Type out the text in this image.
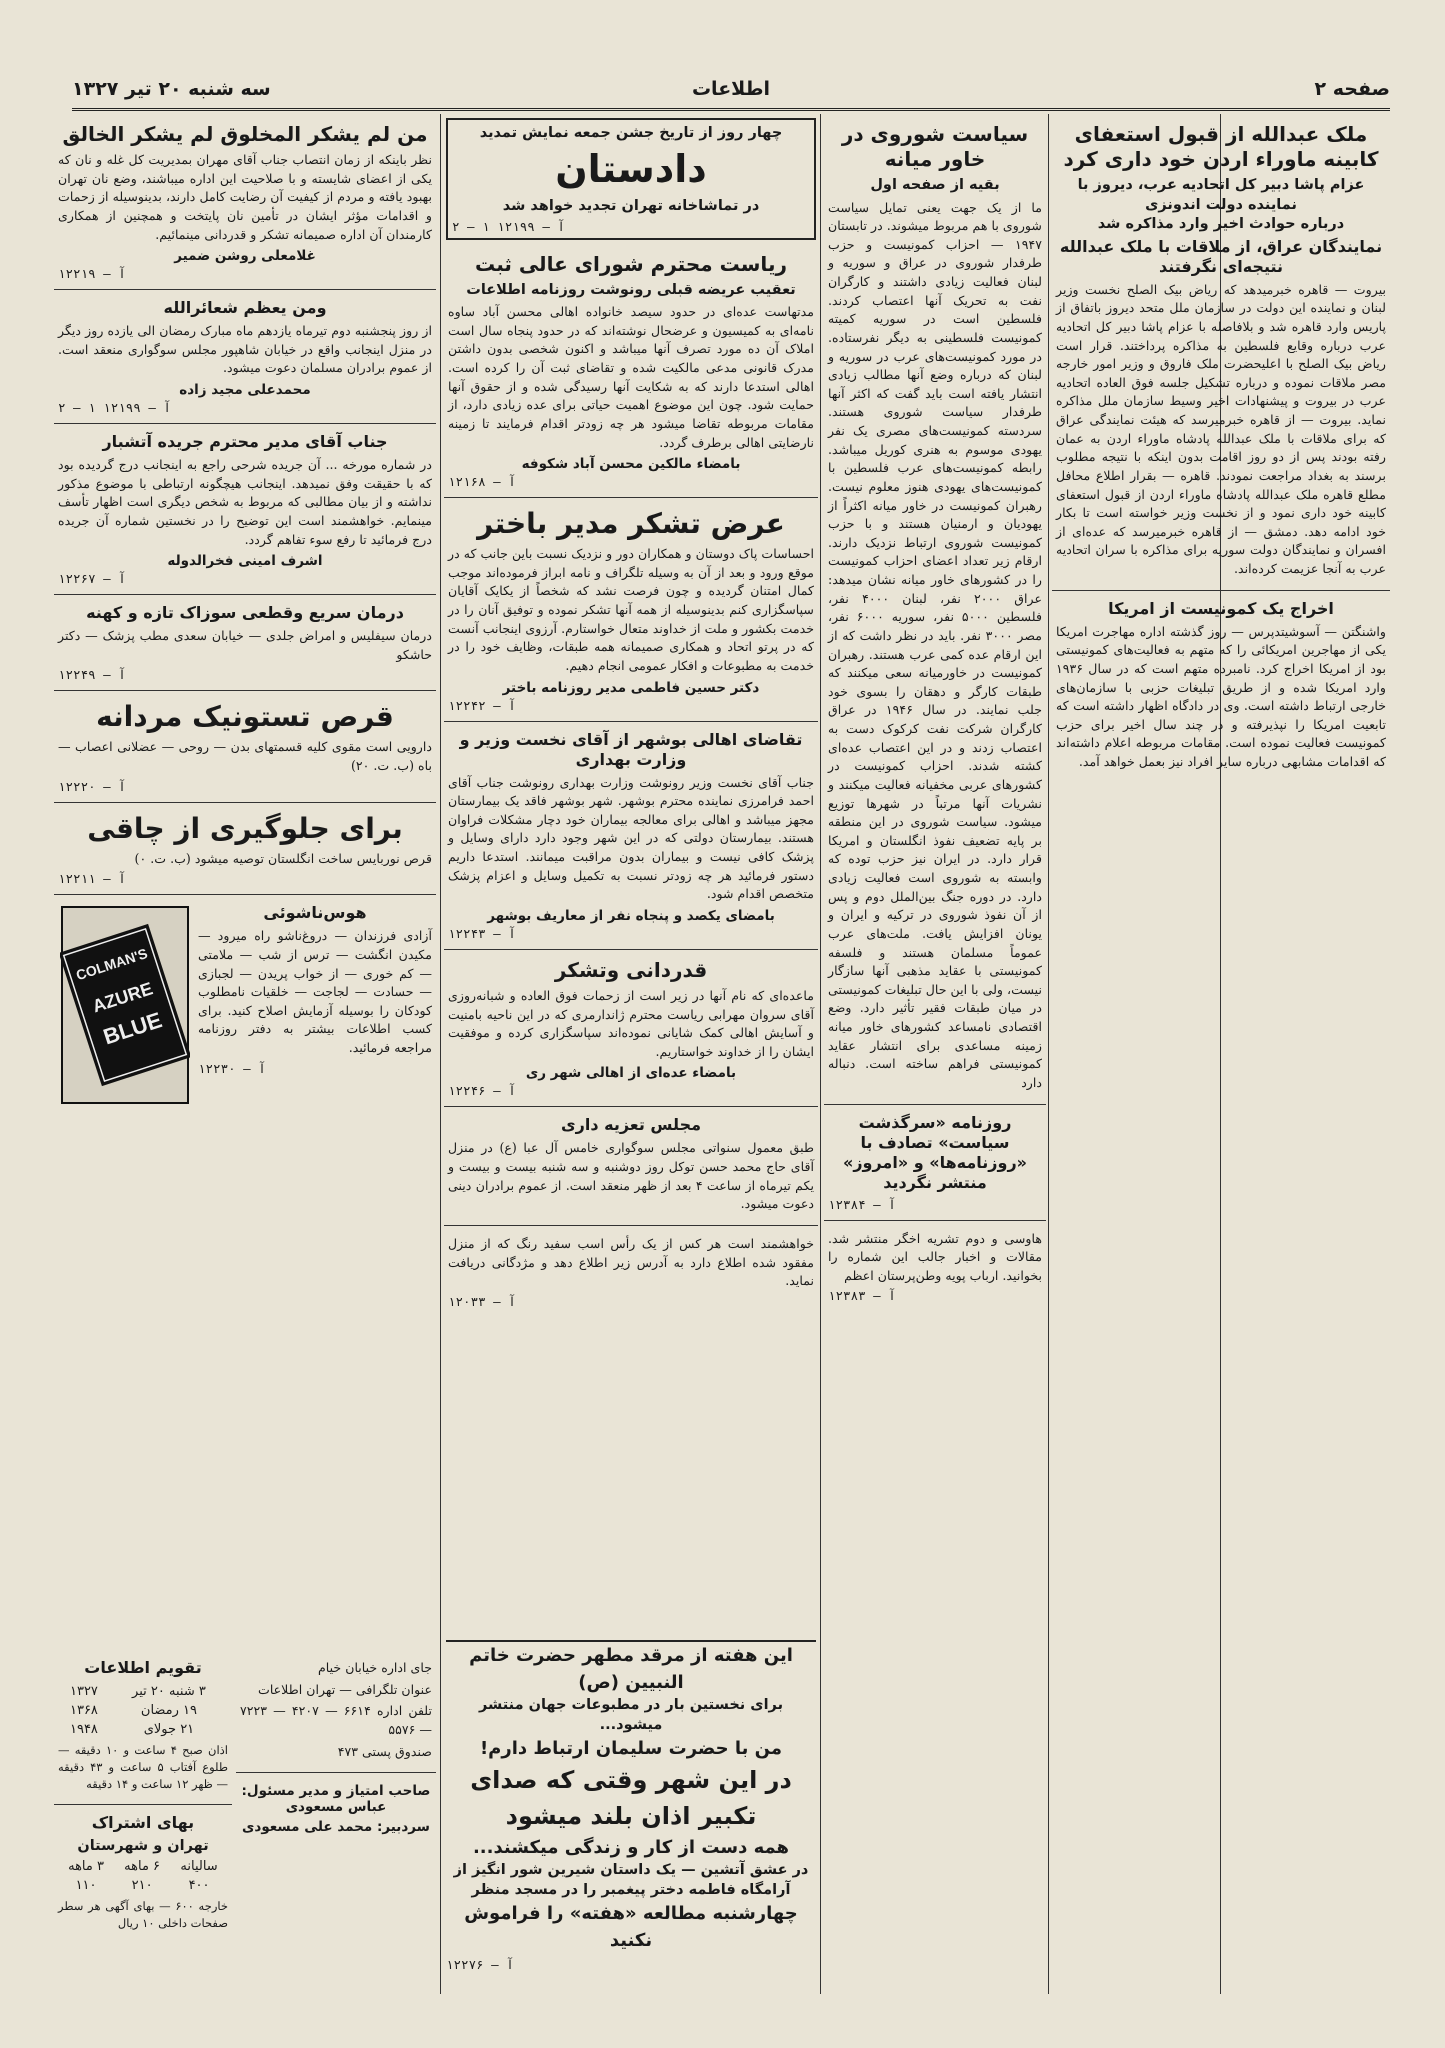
صفحه ۲
اطلاعات
سه شنبه ۲۰ تیر ۱۳۲۷
ملک عبدالله از قبول استعفای کابینه ماوراء اردن خود داری کرد
عزام پاشا دبیر کل اتحادیه عرب، دیروز با نماینده دولت اندونزی
درباره حوادث اخیر وارد مذاکره شد
نمایندگان عراق، از ملاقات با ملک عبدالله نتیجه‌ای نگرفتند
بیروت — قاهره خبرمیدهد که ریاض بیک الصلح نخست وزیر لبنان و نماینده این دولت در سازمان ملل متحد دیروز باتفاق از پاریس وارد قاهره شد و بلافاصله با عزام پاشا دبیر کل اتحادیه عرب درباره وقایع فلسطین به مذاکره پرداختند. قرار است ریاض بیک الصلح با اعلیحضرت ملک فاروق و وزیر امور خارجه مصر ملاقات نموده و درباره تشکیل جلسه فوق العاده اتحادیه عرب در بیروت و پیشنهادات اخیر وسیط سازمان ملل مذاکره نماید. بیروت — از قاهره خبرمیرسد که هیئت نمایندگی عراق که برای ملاقات با ملک عبدالله پادشاه ماوراء اردن به عمان رفته بودند پس از دو روز اقامت بدون اینکه با نتیجه مطلوب برسند به بغداد مراجعت نمودند. قاهره — بقرار اطلاع محافل مطلع قاهره ملک عبدالله پادشاه ماوراء اردن از قبول استعفای کابینه خود داری نمود و از نخست وزیر خواسته است تا بکار خود ادامه دهد. دمشق — از قاهره خبرمیرسد که عده‌ای از افسران و نمایندگان دولت سوریه برای مذاکره با سران اتحادیه عرب به آنجا عزیمت کرده‌اند.
اخراج یک کمونیست از امریکا
واشنگتن — آسوشیتدپرس — روز گذشته اداره مهاجرت امریکا یکی از مهاجرین امریکائی را که متهم به فعالیت‌های کمونیستی بود از امریکا اخراج کرد. نامبرده متهم است که در سال ۱۹۳۶ وارد امریکا شده و از طریق تبلیغات حزبی با سازمان‌های خارجی ارتباط داشته است. وی در دادگاه اظهار داشته است که تابعیت امریکا را نپذیرفته و در چند سال اخیر برای حزب کمونیست فعالیت نموده است. مقامات مربوطه اعلام داشته‌اند که اقدامات مشابهی درباره سایر افراد نیز بعمل خواهد آمد.
سیاست شوروی در خاور میانه
بقیه از صفحه اول
ما از یک جهت یعنی تمایل سیاست شوروی با هم مربوط میشوند. در تابستان ۱۹۴۷ — احزاب کمونیست و حزب طرفدار شوروی در عراق و سوریه و لبنان فعالیت زیادی داشتند و کارگران نفت به تحریک آنها اعتصاب کردند. فلسطین است در سوریه کمیته کمونیست فلسطینی به دیگر نفرستاده. در مورد کمونیست‌های عرب در سوریه و لبنان که درباره وضع آنها مطالب زیادی انتشار یافته است باید گفت که اکثر آنها طرفدار سیاست شوروی هستند. سردسته کمونیست‌های مصری یک نفر یهودی موسوم به هنری کوریل میباشد. رابطه کمونیست‌های عرب فلسطین با کمونیست‌های یهودی هنوز معلوم نیست. رهبران کمونیست در خاور میانه اکثراً از یهودیان و ارمنیان هستند و با حزب کمونیست شوروی ارتباط نزدیک دارند. ارقام زیر تعداد اعضای احزاب کمونیست را در کشورهای خاور میانه نشان میدهد: عراق ۲۰۰۰ نفر، لبنان ۴۰۰۰ نفر، فلسطین ۵۰۰۰ نفر، سوریه ۶۰۰۰ نفر، مصر ۳۰۰۰ نفر. باید در نظر داشت که از این ارقام عده کمی عرب هستند. رهبران کمونیست در خاورمیانه سعی میکنند که طبقات کارگر و دهقان را بسوی خود جلب نمایند. در سال ۱۹۴۶ در عراق کارگران شرکت نفت کرکوک دست به اعتصاب زدند و در این اعتصاب عده‌ای کشته شدند. احزاب کمونیست در کشورهای عربی مخفیانه فعالیت میکنند و نشریات آنها مرتباً در شهرها توزیع میشود. سیاست شوروی در این منطقه بر پایه تضعیف نفوذ انگلستان و امریکا قرار دارد. در ایران نیز حزب توده که وابسته به شوروی است فعالیت زیادی دارد. در دوره جنگ بین‌الملل دوم و پس از آن نفوذ شوروی در ترکیه و ایران و یونان افزایش یافت. ملت‌های عرب عموماً مسلمان هستند و فلسفه کمونیستی با عقاید مذهبی آنها سازگار نیست، ولی با این حال تبلیغات کمونیستی در میان طبقات فقیر تأثیر دارد. وضع اقتصادی نامساعد کشورهای خاور میانه زمینه مساعدی برای انتشار عقاید کمونیستی فراهم ساخته است. دنباله دارد
روزنامه «سرگذشت سیاست» تصادف با «روزنامه‌ها» و «امروز» منتشر نگردید
آ — ۱۲۳۸۴
هاوسی و دوم تشریه اخگر منتشر شد. مقالات و اخبار جالب این شماره را بخوانید. ارباب پویه وطن‌پرستان اعظم
آ — ۱۲۳۸۳
چهار روز از تاریخ جشن جمعه نمایش تمدید
دادستان
در تماشاخانه تهران تجدید خواهد شد
آ — ۱۲۱۹۹ ۱ — ۲
ریاست محترم شورای عالی ثبت
تعقیب عریضه قبلی رونوشت روزنامه اطلاعات
مدتهاست عده‌ای در حدود سیصد خانواده اهالی محسن آباد ساوه نامه‌ای به کمیسیون و عرضحال نوشته‌اند که در حدود پنجاه سال است املاک آن ده مورد تصرف آنها میباشد و اکنون شخصی بدون داشتن مدرک قانونی مدعی مالکیت شده و تقاضای ثبت آن را کرده است. اهالی استدعا دارند که به شکایت آنها رسیدگی شده و از حقوق آنها حمایت شود. چون این موضوع اهمیت حیاتی برای عده زیادی دارد، از مقامات مربوطه تقاضا میشود هر چه زودتر اقدام فرمایند تا زمینه نارضایتی اهالی برطرف گردد.
بامضاء مالکین محسن آباد شکوفه
آ — ۱۲۱۶۸
عرض تشکر مدیر باختر
احساسات پاک دوستان و همکاران دور و نزدیک نسبت باین جانب که در موقع ورود و بعد از آن به وسیله تلگراف و نامه ابراز فرموده‌اند موجب کمال امتنان گردیده و چون فرصت نشد که شخصاً از یکایک آقایان سپاسگزاری کنم بدینوسیله از همه آنها تشکر نموده و توفیق آنان را در خدمت بکشور و ملت از خداوند متعال خواستارم. آرزوی اینجانب آنست که در پرتو اتحاد و همکاری صمیمانه همه طبقات، وظایف خود را در خدمت به مطبوعات و افکار عمومی انجام دهیم.
دکتر حسین فاطمی مدیر روزنامه باختر
آ — ۱۲۲۴۲
تقاضای اهالی بوشهر از آقای نخست وزیر و وزارت بهداری
جناب آقای نخست وزیر رونوشت وزارت بهداری رونوشت جناب آقای احمد فرامرزی نماینده محترم بوشهر. شهر بوشهر فاقد یک بیمارستان مجهز میباشد و اهالی برای معالجه بیماران خود دچار مشکلات فراوان هستند. بیمارستان دولتی که در این شهر وجود دارد دارای وسایل و پزشک کافی نیست و بیماران بدون مراقبت میمانند. استدعا داریم دستور فرمائید هر چه زودتر نسبت به تکمیل وسایل و اعزام پزشک متخصص اقدام شود.
بامضای یکصد و پنجاه نفر از معاریف بوشهر
آ — ۱۲۲۴۳
قدردانی وتشکر
ماعده‌ای که نام آنها در زیر است از زحمات فوق العاده و شبانه‌روزی آقای سروان مهرابی ریاست محترم ژاندارمری که در این ناحیه بامنیت و آسایش اهالی کمک شایانی نموده‌اند سپاسگزاری کرده و موفقیت ایشان را از خداوند خواستاریم.
بامضاء عده‌ای از اهالی شهر ری
آ — ۱۲۲۴۶
مجلس تعزیه داری
طبق معمول سنواتی مجلس سوگواری خامس آل عبا (ع) در منزل آقای حاج محمد حسن توکل روز دوشنبه و سه شنبه بیست و بیست و یکم تیرماه از ساعت ۴ بعد از ظهر منعقد است. از عموم برادران دینی دعوت میشود.
خواهشمند است هر کس از یک رأس اسب سفید رنگ که از منزل مفقود شده اطلاع دارد به آدرس زیر اطلاع دهد و مژدگانی دریافت نماید.
آ — ۱۲۰۳۳
من لم یشکر المخلوق لم یشکر الخالق
نظر باینکه از زمان انتصاب جناب آقای مهران بمدیریت کل غله و نان که یکی از اعضای شایسته و با صلاحیت این اداره میباشند، وضع نان تهران بهبود یافته و مردم از کیفیت آن رضایت کامل دارند، بدینوسیله از زحمات و اقدامات مؤثر ایشان در تأمین نان پایتخت و همچنین از همکاری کارمندان آن اداره صمیمانه تشکر و قدردانی مینمائیم.
غلامعلی روشن ضمیر
آ — ۱۲۲۱۹
ومن یعظم شعائرالله
از روز پنجشنبه دوم تیرماه یازدهم ماه مبارک رمضان الی یازده روز دیگر در منزل اینجانب واقع در خیابان شاهپور مجلس سوگواری منعقد است. از عموم برادران مسلمان دعوت میشود.
محمدعلی مجید زاده
آ — ۱۲۱۹۹ ۱ — ۲
جناب آقای مدیر محترم جریده آتشبار
در شماره مورخه ... آن جریده شرحی راجع به اینجانب درج گردیده بود که با حقیقت وفق نمیدهد. اینجانب هیچگونه ارتباطی با موضوع مذکور نداشته و از بیان مطالبی که مربوط به شخص دیگری است اظهار تأسف مینمایم. خواهشمند است این توضیح را در نخستین شماره آن جریده درج فرمائید تا رفع سوء تفاهم گردد.
اشرف امینی فخرالدوله
آ — ۱۲۲۶۷
درمان سریع وقطعی سوزاک تازه و کهنه
درمان سیفلیس و امراض جلدی — خیابان سعدی مطب پزشک — دکتر حاشکو
آ — ۱۲۲۴۹
قرص تستونیک مردانه
دارویی است مقوی کلیه قسمتهای بدن — روحی — عضلانی اعصاب — باه (ب. ت. ۲۰)
آ — ۱۲۲۲۰
برای جلوگیری از چاقی
قرص نوربایس ساخت انگلستان توصیه میشود (ب. ت. ۰)
آ — ۱۲۲۱۱
COLMAN'S
AZURE
BLUE
هوس‌ناشوئی
آزادی فرزندان — دروغ‌ناشو راه میرود — مکیدن انگشت — ترس از شب — ملامتی — کم خوری — از خواب پریدن — لجبازی — حسادت — لجاجت — خلقیات نامطلوب کودکان را بوسیله آزمایش اصلاح کنید. برای کسب اطلاعات بیشتر به دفتر روزنامه مراجعه فرمائید.
آ — ۱۲۲۳۰
تقویم اطلاعات
۳ شنبه ۲۰ تیر	۱۳۲۷
۱۹ رمضان	۱۳۶۸
۲۱ جولای	۱۹۴۸
اذان صبح ۴ ساعت و ۱۰ دقیقه — طلوع آفتاب ۵ ساعت و ۴۳ دقیقه — ظهر ۱۲ ساعت و ۱۴ دقیقه
بهای اشتراک
تهران و شهرستان
سالیانه	۶ ماهه	۳ ماهه
۴۰۰	۲۱۰	۱۱۰
خارجه ۶۰۰ — بهای آگهی هر سطر صفحات داخلی ۱۰ ریال
جای اداره خیابان خیام
عنوان تلگرافی — تهران اطلاعات
تلفن اداره ۶۶۱۴ — ۴۲۰۷ — ۷۲۲۳ — ۵۵۷۶
صندوق پستی ۴۷۳
صاحب امتیاز و مدیر مسئول: عباس مسعودی
سردبیر: محمد علی مسعودی
این هفته از مرقد مطهر حضرت خاتم النبیین (ص)
برای نخستین بار در مطبوعات جهان منتشر میشود...
من با حضرت سلیمان ارتباط دارم!
در این شهر وقتی که صدای تکبیر اذان بلند میشود
همه دست از کار و زندگی میکشند...
در عشق آتشین — یک داستان شیرین شور انگیز از
آرامگاه فاطمه دختر پیغمبر را در مسجد منظر
چهارشنبه مطالعه «هفته» را فراموش نکنید
آ — ۱۲۲۷۶
